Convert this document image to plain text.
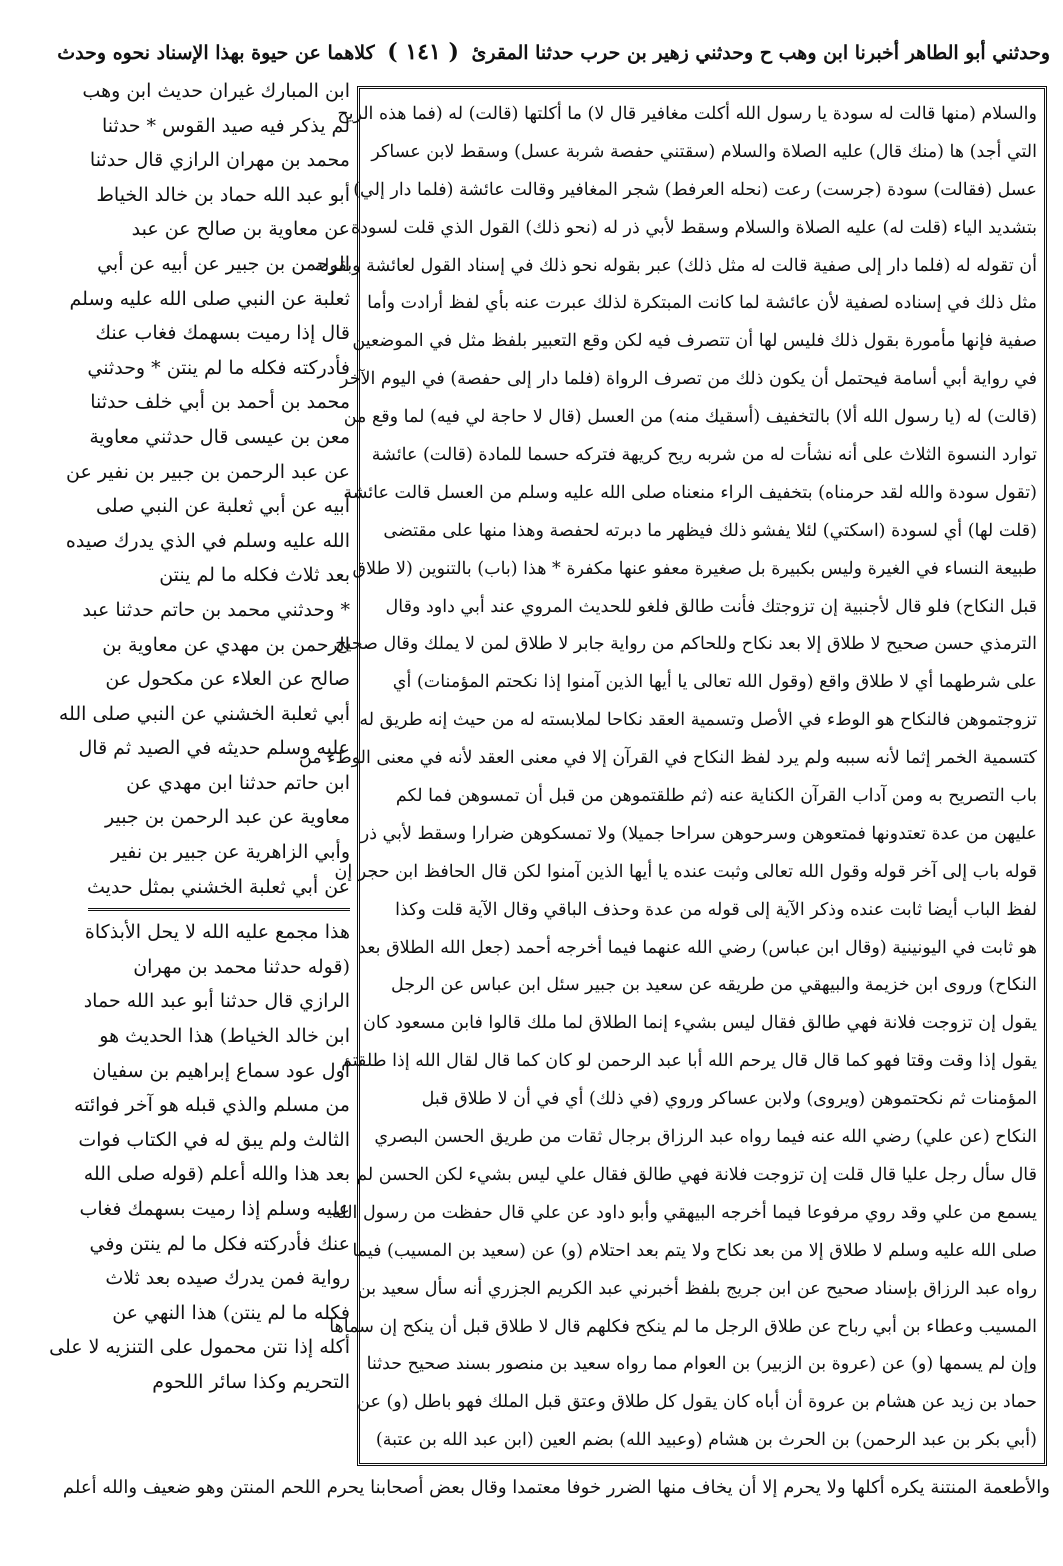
وحدثني أبو الطاهر أخبرنا ابن وهب ح وحدثني زهير بن حرب حدثنا المقرئ ( ١٤١ ) كلاهما عن حيوة بهذا الإسناد نحوه وحدث
ابن المبارك غيران حديث ابن وهب
لم يذكر فيه صيد القوس * حدثنا
محمد بن مهران الرازي قال حدثنا
أبو عبد الله حماد بن خالد الخياط
عن معاوية بن صالح عن عبد
الرحمن بن جبير عن أبيه عن أبي
ثعلبة عن النبي صلى الله عليه وسلم
قال إذا رميت بسهمك فغاب عنك
فأدركته فكله ما لم ينتن * وحدثني
محمد بن أحمد بن أبي خلف حدثنا
معن بن عيسى قال حدثني معاوية
عن عبد الرحمن بن جبير بن نفير عن
أبيه عن أبي ثعلبة عن النبي صلى
الله عليه وسلم في الذي يدرك صيده
بعد ثلاث فكله ما لم ينتن
* وحدثني محمد بن حاتم حدثنا عبد
الرحمن بن مهدي عن معاوية بن
صالح عن العلاء عن مكحول عن
أبي ثعلبة الخشني عن النبي صلى الله
عليه وسلم حديثه في الصيد ثم قال
ابن حاتم حدثنا ابن مهدي عن
معاوية عن عبد الرحمن بن جبير
وأبي الزاهرية عن جبير بن نفير
عن أبي ثعلبة الخشني بمثل حديث
هذا مجمع عليه الله لا يحل الأبذكاة
(قوله حدثنا محمد بن مهران
الرازي قال حدثنا أبو عبد الله حماد
ابن خالد الخياط) هذا الحديث هو
أول عود سماع إبراهيم بن سفيان
من مسلم والذي قبله هو آخر فوائته
الثالث ولم يبق له في الكتاب فوات
بعد هذا والله أعلم (قوله صلى الله
عليه وسلم إذا رميت بسهمك فغاب
عنك فأدركته فكل ما لم ينتن وفي
رواية فمن يدرك صيده بعد ثلاث
فكله ما لم ينتن) هذا النهي عن
أكله إذا نتن محمول على التنزيه لا على
التحريم وكذا سائر اللحوم
والسلام (منها قالت له سودة يا رسول الله أكلت مغافير قال لا) ما أكلتها (قالت) له (فما هذه الريح
التي أجد) ها (منك قال) عليه الصلاة والسلام (سقتني حفصة شربة عسل) وسقط لابن عساكر
عسل (فقالت) سودة (جرست) رعت (نحله العرفط) شجر المغافير وقالت عائشة (فلما دار إلي)
بتشديد الياء (قلت له) عليه الصلاة والسلام وسقط لأبي ذر له (نحو ذلك) القول الذي قلت لسودة
أن تقوله له (فلما دار إلى صفية قالت له مثل ذلك) عبر بقوله نحو ذلك في إسناد القول لعائشة وبقوله
مثل ذلك في إسناده لصفية لأن عائشة لما كانت المبتكرة لذلك عبرت عنه بأي لفظ أرادت وأما
صفية فإنها مأمورة بقول ذلك فليس لها أن تتصرف فيه لكن وقع التعبير بلفظ مثل في الموضعين
في رواية أبي أسامة فيحتمل أن يكون ذلك من تصرف الرواة (فلما دار إلى حفصة) في اليوم الآخر
(قالت) له (يا رسول الله ألا) بالتخفيف (أسقيك منه) من العسل (قال لا حاجة لي فيه) لما وقع من
توارد النسوة الثلاث على أنه نشأت له من شربه ريح كريهة فتركه حسما للمادة (قالت) عائشة
(تقول سودة والله لقد حرمناه) بتخفيف الراء منعناه صلى الله عليه وسلم من العسل قالت عائشة
(قلت لها) أي لسودة (اسكتي) لئلا يفشو ذلك فيظهر ما دبرته لحفصة وهذا منها على مقتضى
طبيعة النساء في الغيرة وليس بكبيرة بل صغيرة معفو عنها مكفرة * هذا (باب) بالتنوين (لا طلاق
قبل النكاح) فلو قال لأجنبية إن تزوجتك فأنت طالق فلغو للحديث المروي عند أبي داود وقال
الترمذي حسن صحيح لا طلاق إلا بعد نكاح وللحاكم من رواية جابر لا طلاق لمن لا يملك وقال صحيح
على شرطهما أي لا طلاق واقع (وقول الله تعالى يا أيها الذين آمنوا إذا نكحتم المؤمنات) أي
تزوجتموهن فالنكاح هو الوطء في الأصل وتسمية العقد نكاحا لملابسته له من حيث إنه طريق له
كتسمية الخمر إثما لأنه سببه ولم يرد لفظ النكاح في القرآن إلا في معنى العقد لأنه في معنى الوطء من
باب التصريح به ومن آداب القرآن الكناية عنه (ثم طلقتموهن من قبل أن تمسوهن فما لكم
عليهن من عدة تعتدونها فمتعوهن وسرحوهن سراحا جميلا) ولا تمسكوهن ضرارا وسقط لأبي ذر
قوله باب إلى آخر قوله وقول الله تعالى وثبت عنده يا أيها الذين آمنوا لكن قال الحافظ ابن حجر إن
لفظ الباب أيضا ثابت عنده وذكر الآية إلى قوله من عدة وحذف الباقي وقال الآية قلت وكذا
هو ثابت في اليونينية (وقال ابن عباس) رضي الله عنهما فيما أخرجه أحمد (جعل الله الطلاق بعد
النكاح) وروى ابن خزيمة والبيهقي من طريقه عن سعيد بن جبير سئل ابن عباس عن الرجل
يقول إن تزوجت فلانة فهي طالق فقال ليس بشيء إنما الطلاق لما ملك قالوا فابن مسعود كان
يقول إذا وقت وقتا فهو كما قال قال يرحم الله أبا عبد الرحمن لو كان كما قال لقال الله إذا طلقتم
المؤمنات ثم نكحتموهن (ويروى) ولابن عساكر وروي (في ذلك) أي في أن لا طلاق قبل
النكاح (عن علي) رضي الله عنه فيما رواه عبد الرزاق برجال ثقات من طريق الحسن البصري
قال سأل رجل عليا قال قلت إن تزوجت فلانة فهي طالق فقال علي ليس بشيء لكن الحسن لم
يسمع من علي وقد روي مرفوعا فيما أخرجه البيهقي وأبو داود عن علي قال حفظت من رسول الله
صلى الله عليه وسلم لا طلاق إلا من بعد نكاح ولا يتم بعد احتلام (و) عن (سعيد بن المسيب) فيما
رواه عبد الرزاق بإسناد صحيح عن ابن جريج بلفظ أخبرني عبد الكريم الجزري أنه سأل سعيد بن
المسيب وعطاء بن أبي رباح عن طلاق الرجل ما لم ينكح فكلهم قال لا طلاق قبل أن ينكح إن سماها
وإن لم يسمها (و) عن (عروة بن الزبير) بن العوام مما رواه سعيد بن منصور بسند صحيح حدثنا
حماد بن زيد عن هشام بن عروة أن أباه كان يقول كل طلاق وعتق قبل الملك فهو باطل (و) عن
(أبي بكر بن عبد الرحمن) بن الحرث بن هشام (وعبيد الله) بضم العين (ابن عبد الله بن عتبة)
والأطعمة المنتنة يكره أكلها ولا يحرم إلا أن يخاف منها الضرر خوفا معتمدا وقال بعض أصحابنا يحرم اللحم المنتن وهو ضعيف والله أعلم
